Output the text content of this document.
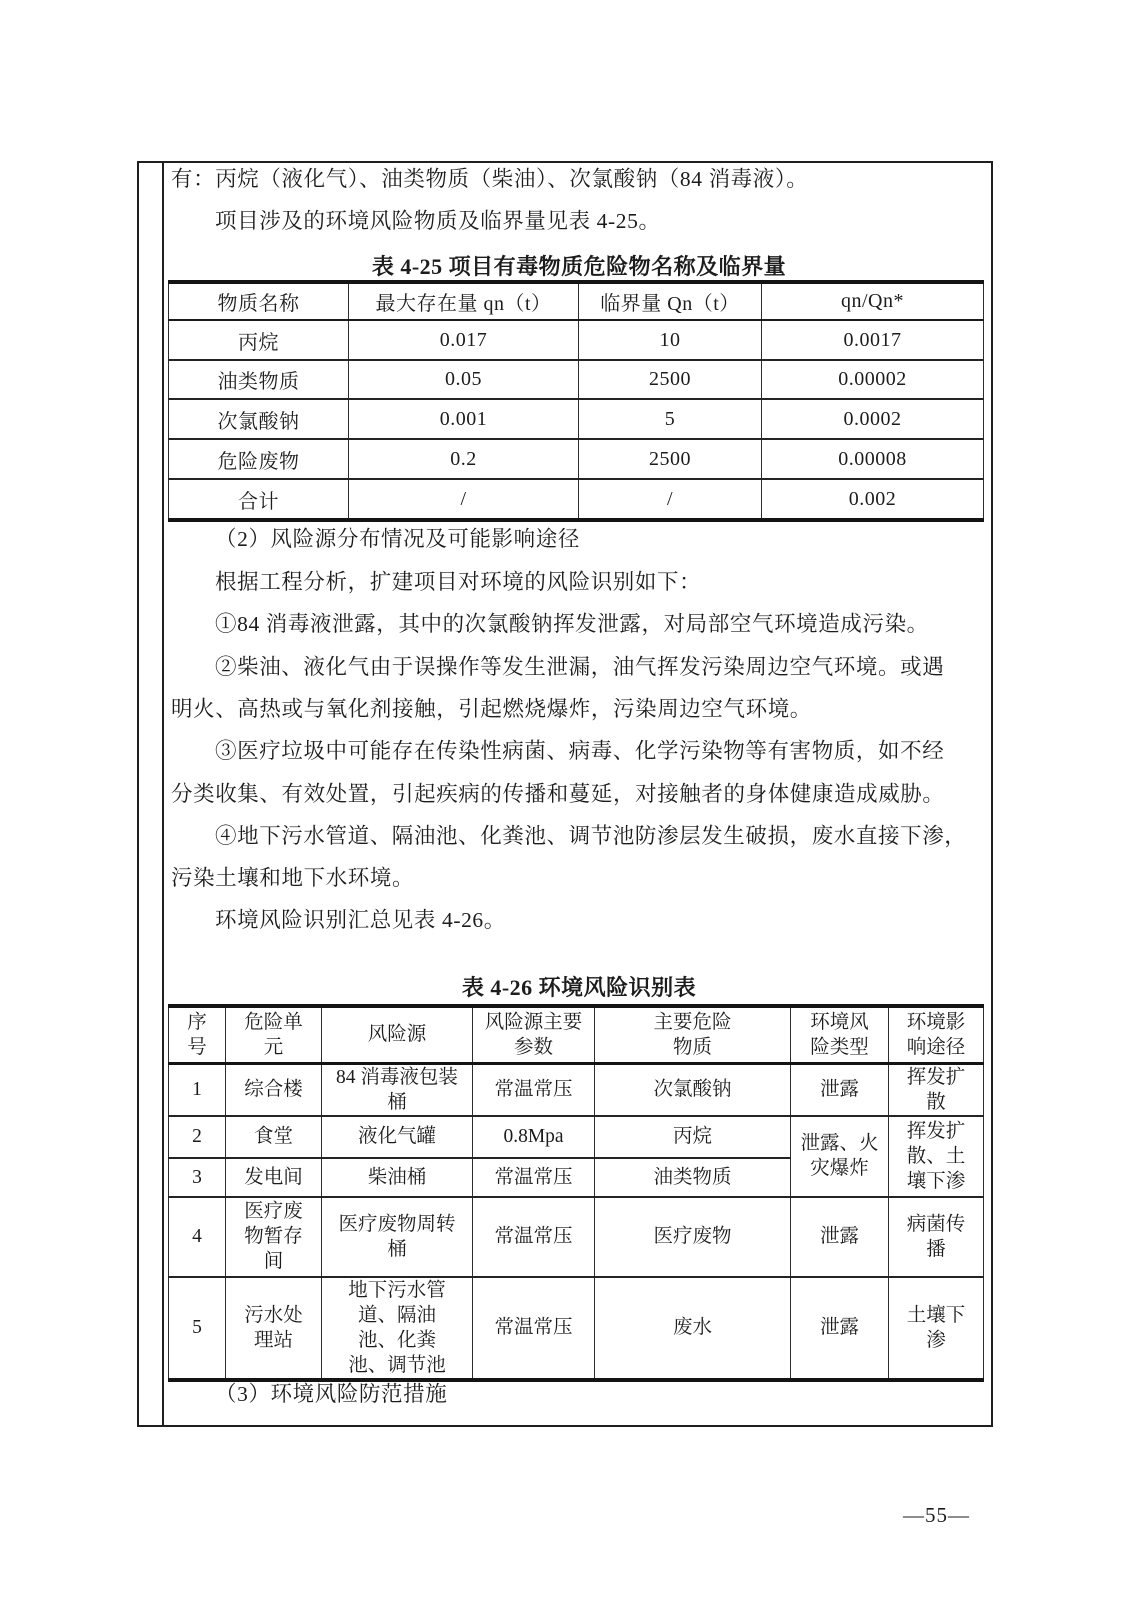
有：丙烷（液化气）、油类物质（柴油）、次氯酸钠（84 消毒液）。
项目涉及的环境风险物质及临界量见表 4-25。
表 4-25 项目有毒物质危险物名称及临界量
物质名称	最大存在量 qn（t）	临界量 Qn（t）	qn/Qn*
丙烷	0.017	10	0.0017
油类物质	0.05	2500	0.00002
次氯酸钠	0.001	5	0.0002
危险废物	0.2	2500	0.00008
合计	/	/	0.002
（2）风险源分布情况及可能影响途径
根据工程分析，扩建项目对环境的风险识别如下：
①84 消毒液泄露，其中的次氯酸钠挥发泄露，对局部空气环境造成污染。
②柴油、液化气由于误操作等发生泄漏，油气挥发污染周边空气环境。或遇
明火、高热或与氧化剂接触，引起燃烧爆炸，污染周边空气环境。
③医疗垃圾中可能存在传染性病菌、病毒、化学污染物等有害物质，如不经
分类收集、有效处置，引起疾病的传播和蔓延，对接触者的身体健康造成威胁。
④地下污水管道、隔油池、化粪池、调节池防渗层发生破损，废水直接下渗，
污染土壤和地下水环境。
环境风险识别汇总见表 4-26。
表 4-26 环境风险识别表
序号	危险单元	风险源	风险源主要参数	主要危险物质	环境风险类型	环境影响途径
1	综合楼	84 消毒液包装桶	常温常压	次氯酸钠	泄露	挥发扩散
2	食堂	液化气罐	0.8Mpa	丙烷	泄露、火灾爆炸	挥发扩散、土壤下渗
3	发电间	柴油桶	常温常压	油类物质		
4	医疗废物暂存间	医疗废物周转桶	常温常压	医疗废物	泄露	病菌传播
5	污水处理站	地下污水管道、隔油池、化粪池、调节池	常温常压	废水	泄露	土壤下渗
（3）环境风险防范措施
—55—
